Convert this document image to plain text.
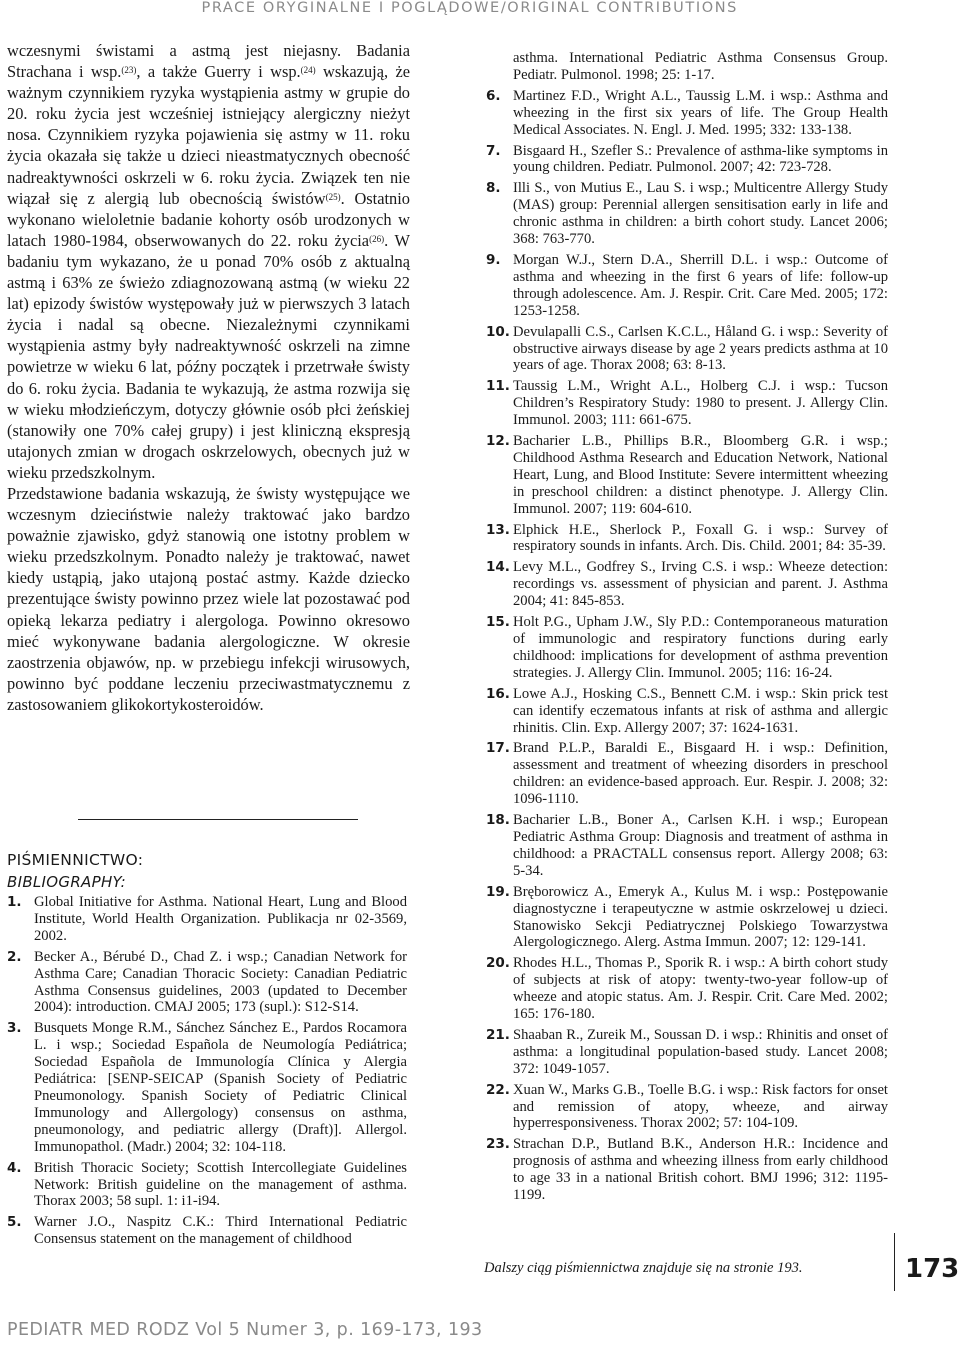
PRACE ORYGINALNE I POGLĄDOWE/ORIGINAL CONTRIBUTIONS

wczesnymi świstami a astmą jest niejasny. Badania Strachana i wsp.$^{(23)}$, a także Guerry i wsp.$^{(24)}$ wskazują, że ważnym czynnikiem ryzyka wystąpienia astmy w grupie do 20. roku życia jest wcześniej istniejący alergiczny nieżyt nosa. Czynnikiem ryzyka pojawienia się astmy w 11. roku życia okazała się także u dzieci nieastmatycznych obecność nadreaktywności oskrzeli w 6. roku życia. Związek ten nie wiązał się z alergią lub obecnością świstów$^{(25)}$. Ostatnio wykonano wieloletnie badanie kohorty osób urodzonych w latach 1980-1984, obserwowanych do 22. roku życia$^{(26)}$. W badaniu tym wykazano, że u ponad 70% osób z aktualną astmą i 63% ze świeżo zdiagnozowaną astmą (w wieku 22 lat) epizody świstów występowały już w pierwszych 3 latach życia i nadal są obecne. Niezależnymi czynnikami wystąpienia astmy były nadreaktywność oskrzeli na zimne powietrze w wieku 6 lat, późny początek i przetrwałe świsty do 6. roku życia. Badania te wykazują, że astma rozwija się w wieku młodzieńczym, dotyczy głównie osób płci żeńskiej (stanowiły one 70% całej grupy) i jest kliniczną ekspresją utajonych zmian w drogach oskrzelowych, obecnych już w wieku przedszkolnym.
Przedstawione badania wskazują, że świsty występujące we wczesnym dzieciństwie należy traktować jako bardzo poważnie zjawisko, gdyż stanowią one istotny problem w wieku przedszkolnym. Ponadto należy je traktować, nawet kiedy ustąpią, jako utajoną postać astmy. Każde dziecko prezentujące świsty powinno przez wiele lat pozostawać pod opieką lekarza pediatry i alergologa. Powinno okresowo mieć wykonywane badania alergologiczne. W okresie zaostrzenia objawów, np. w przebiegu infekcji wirusowych, powinno być poddane leczeniu przeciwastmatycznemu z zastosowaniem glikokortykosteroidów.

PIŚMIENNICTWO:
BIBLIOGRAPHY:
1. Global Initiative for Asthma. National Heart, Lung and Blood Institute, World Health Organization. Publikacja nr 02-3569, 2002.
2. Becker A., Bérubé D., Chad Z. i wsp.; Canadian Network for Asthma Care; Canadian Thoracic Society: Canadian Pediatric Asthma Consensus guidelines, 2003 (updated to December 2004): introduction. CMAJ 2005; 173 (supl.): S12-S14.
3. Busquets Monge R.M., Sánchez Sánchez E., Pardos Rocamora L. i wsp.; Sociedad Española de Neumología Pediátrica; Sociedad Española de Immunología Clínica y Alergia Pediátrica: [SENP-SEICAP (Spanish Society of Pediatric Pneumonology. Spanish Society of Pediatric Clinical Immunology and Allergology) consensus on asthma, pneumonology, and pediatric allergy (Draft)]. Allergol. Immunopathol. (Madr.) 2004; 32: 104-118.
4. British Thoracic Society; Scottish Intercollegiate Guidelines Network: British guideline on the management of asthma. Thorax 2003; 58 supl. 1: i1-i94.
5. Warner J.O., Naspitz C.K.: Third International Pediatric Consensus statement on the management of childhood
asthma. International Pediatric Asthma Consensus Group. Pediatr. Pulmonol. 1998; 25: 1-17.
6. Martinez F.D., Wright A.L., Taussig L.M. i wsp.: Asthma and wheezing in the first six years of life. The Group Health Medical Associates. N. Engl. J. Med. 1995; 332: 133-138.
7. Bisgaard H., Szefler S.: Prevalence of asthma-like symptoms in young children. Pediatr. Pulmonol. 2007; 42: 723-728.
8. Illi S., von Mutius E., Lau S. i wsp.; Multicentre Allergy Study (MAS) group: Perennial allergen sensitisation early in life and chronic asthma in children: a birth cohort study. Lancet 2006; 368: 763-770.
9. Morgan W.J., Stern D.A., Sherrill D.L. i wsp.: Outcome of asthma and wheezing in the first 6 years of life: follow-up through adolescence. Am. J. Respir. Crit. Care Med. 2005; 172: 1253-1258.
10. Devulapalli C.S., Carlsen K.C.L., Håland G. i wsp.: Severity of obstructive airways disease by age 2 years predicts asthma at 10 years of age. Thorax 2008; 63: 8-13.
11. Taussig L.M., Wright A.L., Holberg C.J. i wsp.: Tucson Children’s Respiratory Study: 1980 to present. J. Allergy Clin. Immunol. 2003; 111: 661-675.
12. Bacharier L.B., Phillips B.R., Bloomberg G.R. i wsp.; Childhood Asthma Research and Education Network, National Heart, Lung, and Blood Institute: Severe intermittent wheezing in preschool children: a distinct phenotype. J. Allergy Clin. Immunol. 2007; 119: 604-610.
13. Elphick H.E., Sherlock P., Foxall G. i wsp.: Survey of respiratory sounds in infants. Arch. Dis. Child. 2001; 84: 35-39.
14. Levy M.L., Godfrey S., Irving C.S. i wsp.: Wheeze detection: recordings vs. assessment of physician and parent. J. Asthma 2004; 41: 845-853.
15. Holt P.G., Upham J.W., Sly P.D.: Contemporaneous maturation of immunologic and respiratory functions during early childhood: implications for development of asthma prevention strategies. J. Allergy Clin. Immunol. 2005; 116: 16-24.
16. Lowe A.J., Hosking C.S., Bennett C.M. i wsp.: Skin prick test can identify eczematous infants at risk of asthma and allergic rhinitis. Clin. Exp. Allergy 2007; 37: 1624-1631.
17. Brand P.L.P., Baraldi E., Bisgaard H. i wsp.: Definition, assessment and treatment of wheezing disorders in preschool children: an evidence-based approach. Eur. Respir. J. 2008; 32: 1096-1110.
18. Bacharier L.B., Boner A., Carlsen K.H. i wsp.; European Pediatric Asthma Group: Diagnosis and treatment of asthma in childhood: a PRACTALL consensus report. Allergy 2008; 63: 5-34.
19. Bręborowicz A., Emeryk A., Kulus M. i wsp.: Postępowanie diagnostyczne i terapeutyczne w astmie oskrzelowej u dzieci. Stanowisko Sekcji Pediatrycznej Polskiego Towarzystwa Alergologicznego. Alerg. Astma Immun. 2007; 12: 129-141.
20. Rhodes H.L., Thomas P., Sporik R. i wsp.: A birth cohort study of subjects at risk of atopy: twenty-two-year follow-up of wheeze and atopic status. Am. J. Respir. Crit. Care Med. 2002; 165: 176-180.
21. Shaaban R., Zureik M., Soussan D. i wsp.: Rhinitis and onset of asthma: a longitudinal population-based study. Lancet 2008; 372: 1049-1057.
22. Xuan W., Marks G.B., Toelle B.G. i wsp.: Risk factors for onset and remission of atopy, wheeze, and airway hyperresponsiveness. Thorax 2002; 57: 104-109.
23. Strachan D.P., Butland B.K., Anderson H.R.: Incidence and prognosis of asthma and wheezing illness from early childhood to age 33 in a national British cohort. BMJ 1996; 312: 1195-1199.
Dalszy ciąg piśmiennictwa znajduje się na stronie 193.	173
PEDIATR MED RODZ Vol 5 Numer 3, p. 169-173, 193
